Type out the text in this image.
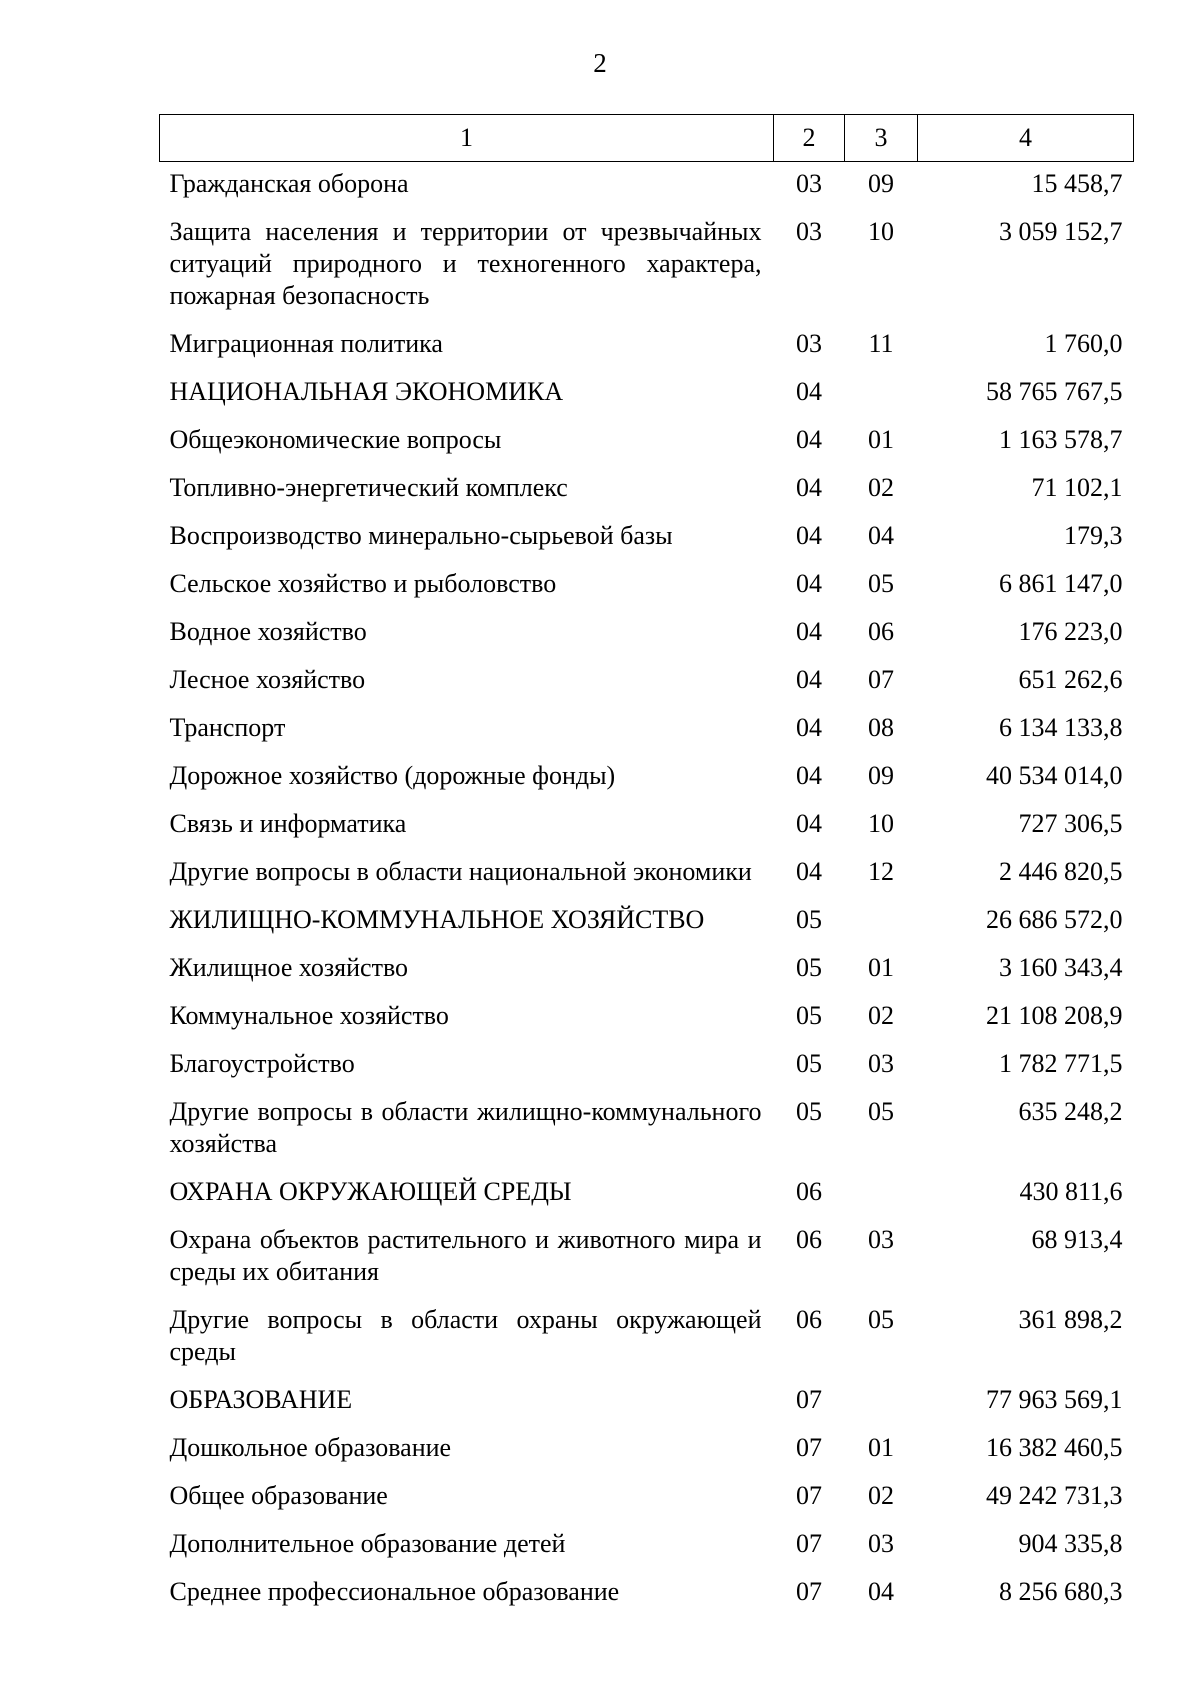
2
1	2	3	4
Гражданская оборона	03	09	15 458,7
Защита населения и территории от чрезвычайных ситуаций природного и техногенного характера, пожарная безопасность	03	10	3 059 152,7
Миграционная политика	03	11	1 760,0
НАЦИОНАЛЬНАЯ ЭКОНОМИКА	04		58 765 767,5
Общеэкономические вопросы	04	01	1 163 578,7
Топливно-энергетический комплекс	04	02	71 102,1
Воспроизводство минерально-сырьевой базы	04	04	179,3
Сельское хозяйство и рыболовство	04	05	6 861 147,0
Водное хозяйство	04	06	176 223,0
Лесное хозяйство	04	07	651 262,6
Транспорт	04	08	6 134 133,8
Дорожное хозяйство (дорожные фонды)	04	09	40 534 014,0
Связь и информатика	04	10	727 306,5
Другие вопросы в области национальной экономики	04	12	2 446 820,5
ЖИЛИЩНО-КОММУНАЛЬНОЕ ХОЗЯЙСТВО	05		26 686 572,0
Жилищное хозяйство	05	01	3 160 343,4
Коммунальное хозяйство	05	02	21 108 208,9
Благоустройство	05	03	1 782 771,5
Другие вопросы в области жилищно-коммунального хозяйства	05	05	635 248,2
ОХРАНА ОКРУЖАЮЩЕЙ СРЕДЫ	06		430 811,6
Охрана объектов растительного и животного мира и среды их обитания	06	03	68 913,4
Другие вопросы в области охраны окружающей среды	06	05	361 898,2
ОБРАЗОВАНИЕ	07		77 963 569,1
Дошкольное образование	07	01	16 382 460,5
Общее образование	07	02	49 242 731,3
Дополнительное образование детей	07	03	904 335,8
Среднее профессиональное образование	07	04	8 256 680,3
